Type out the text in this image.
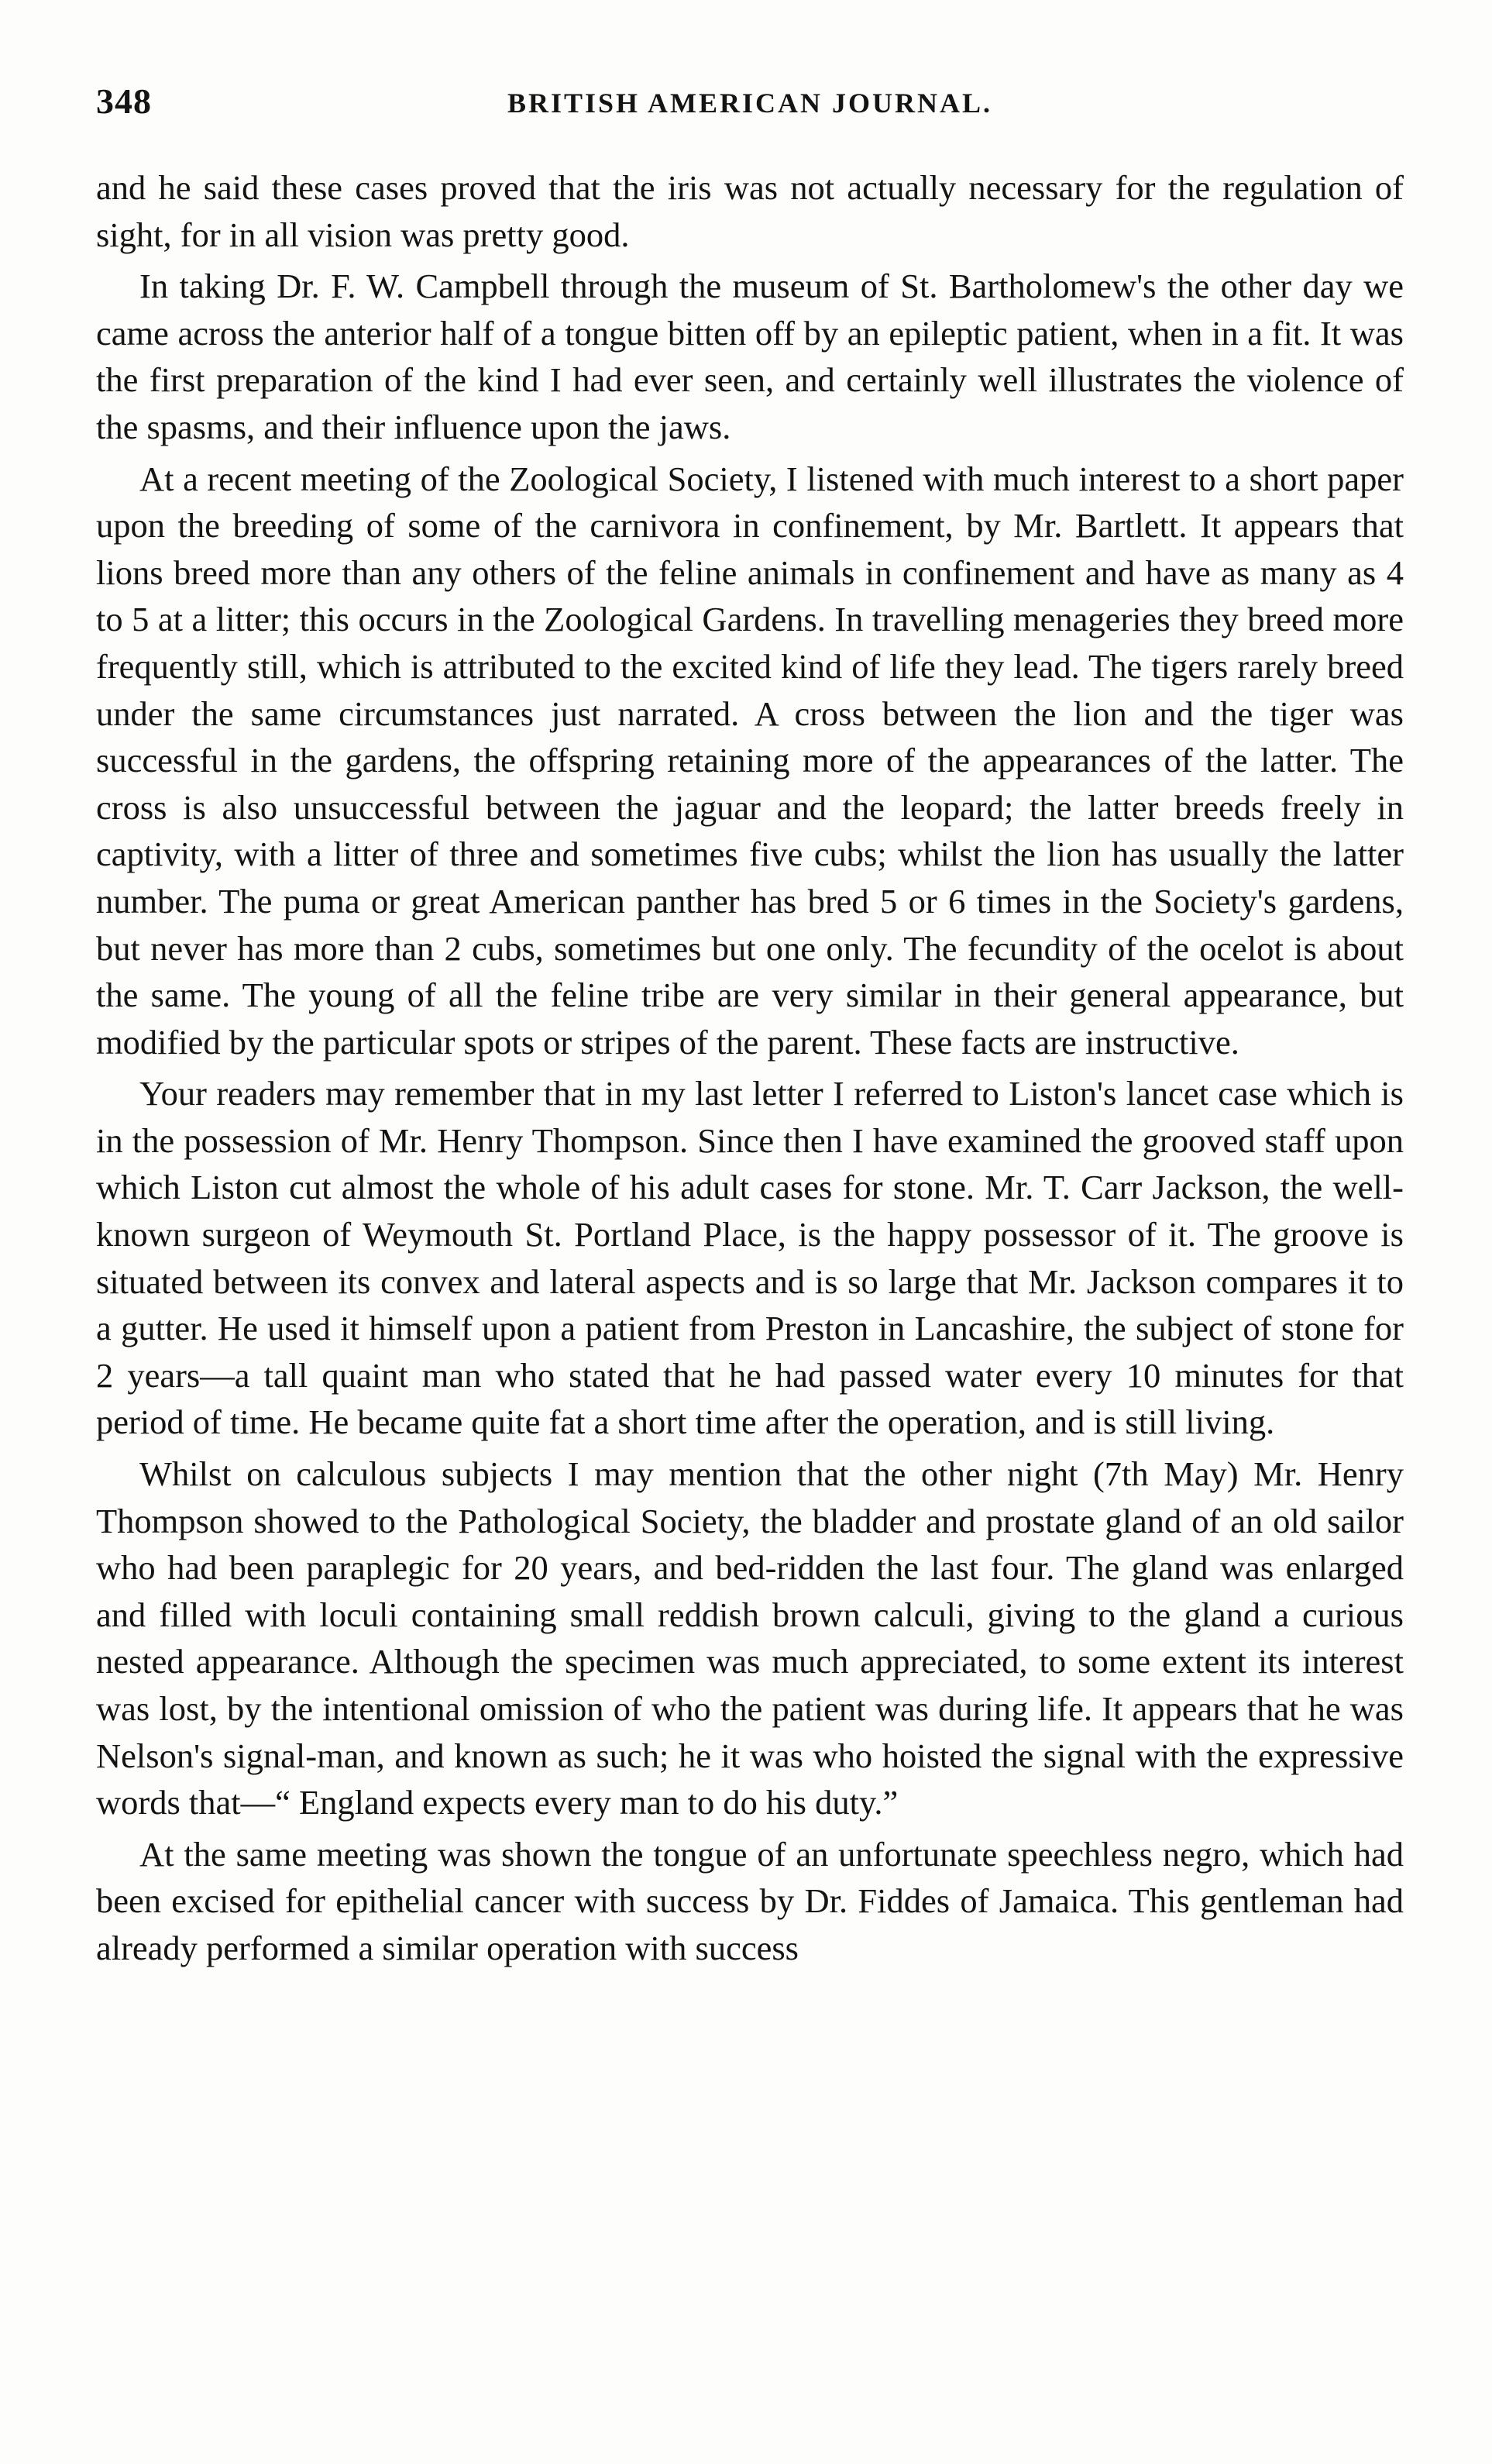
348	BRITISH AMERICAN JOURNAL.

and he said these cases proved that the iris was not actually necessary for the regulation of sight, for in all vision was pretty good.

In taking Dr. F. W. Campbell through the museum of St. Bartholomew's the other day we came across the anterior half of a tongue bitten off by an epileptic patient, when in a fit. It was the first preparation of the kind I had ever seen, and certainly well illustrates the violence of the spasms, and their influence upon the jaws.

At a recent meeting of the Zoological Society, I listened with much interest to a short paper upon the breeding of some of the carnivora in confinement, by Mr. Bartlett. It appears that lions breed more than any others of the feline animals in confinement and have as many as 4 to 5 at a litter; this occurs in the Zoological Gardens. In travelling menageries they breed more frequently still, which is attributed to the excited kind of life they lead. The tigers rarely breed under the same circumstances just narrated. A cross between the lion and the tiger was successful in the gardens, the offspring retaining more of the appearances of the latter. The cross is also unsuccessful between the jaguar and the leopard; the latter breeds freely in captivity, with a litter of three and sometimes five cubs; whilst the lion has usually the latter number. The puma or great American panther has bred 5 or 6 times in the Society's gardens, but never has more than 2 cubs, sometimes but one only. The fecundity of the ocelot is about the same. The young of all the feline tribe are very similar in their general appearance, but modified by the particular spots or stripes of the parent. These facts are instructive.

Your readers may remember that in my last letter I referred to Liston's lancet case which is in the possession of Mr. Henry Thompson. Since then I have examined the grooved staff upon which Liston cut almost the whole of his adult cases for stone. Mr. T. Carr Jackson, the well-known surgeon of Weymouth St. Portland Place, is the happy possessor of it. The groove is situated between its convex and lateral aspects and is so large that Mr. Jackson compares it to a gutter. He used it himself upon a patient from Preston in Lancashire, the subject of stone for 2 years—a tall quaint man who stated that he had passed water every 10 minutes for that period of time. He became quite fat a short time after the operation, and is still living.

Whilst on calculous subjects I may mention that the other night (7th May) Mr. Henry Thompson showed to the Pathological Society, the bladder and prostate gland of an old sailor who had been paraplegic for 20 years, and bed-ridden the last four. The gland was enlarged and filled with loculi containing small reddish brown calculi, giving to the gland a curious nested appearance. Although the specimen was much appreciated, to some extent its interest was lost, by the intentional omission of who the patient was during life. It appears that he was Nelson's signal-man, and known as such; he it was who hoisted the signal with the expressive words that—“ England expects every man to do his duty.”

At the same meeting was shown the tongue of an unfortunate speechless negro, which had been excised for epithelial cancer with success by Dr. Fiddes of Jamaica. This gentleman had already performed a similar operation with success
